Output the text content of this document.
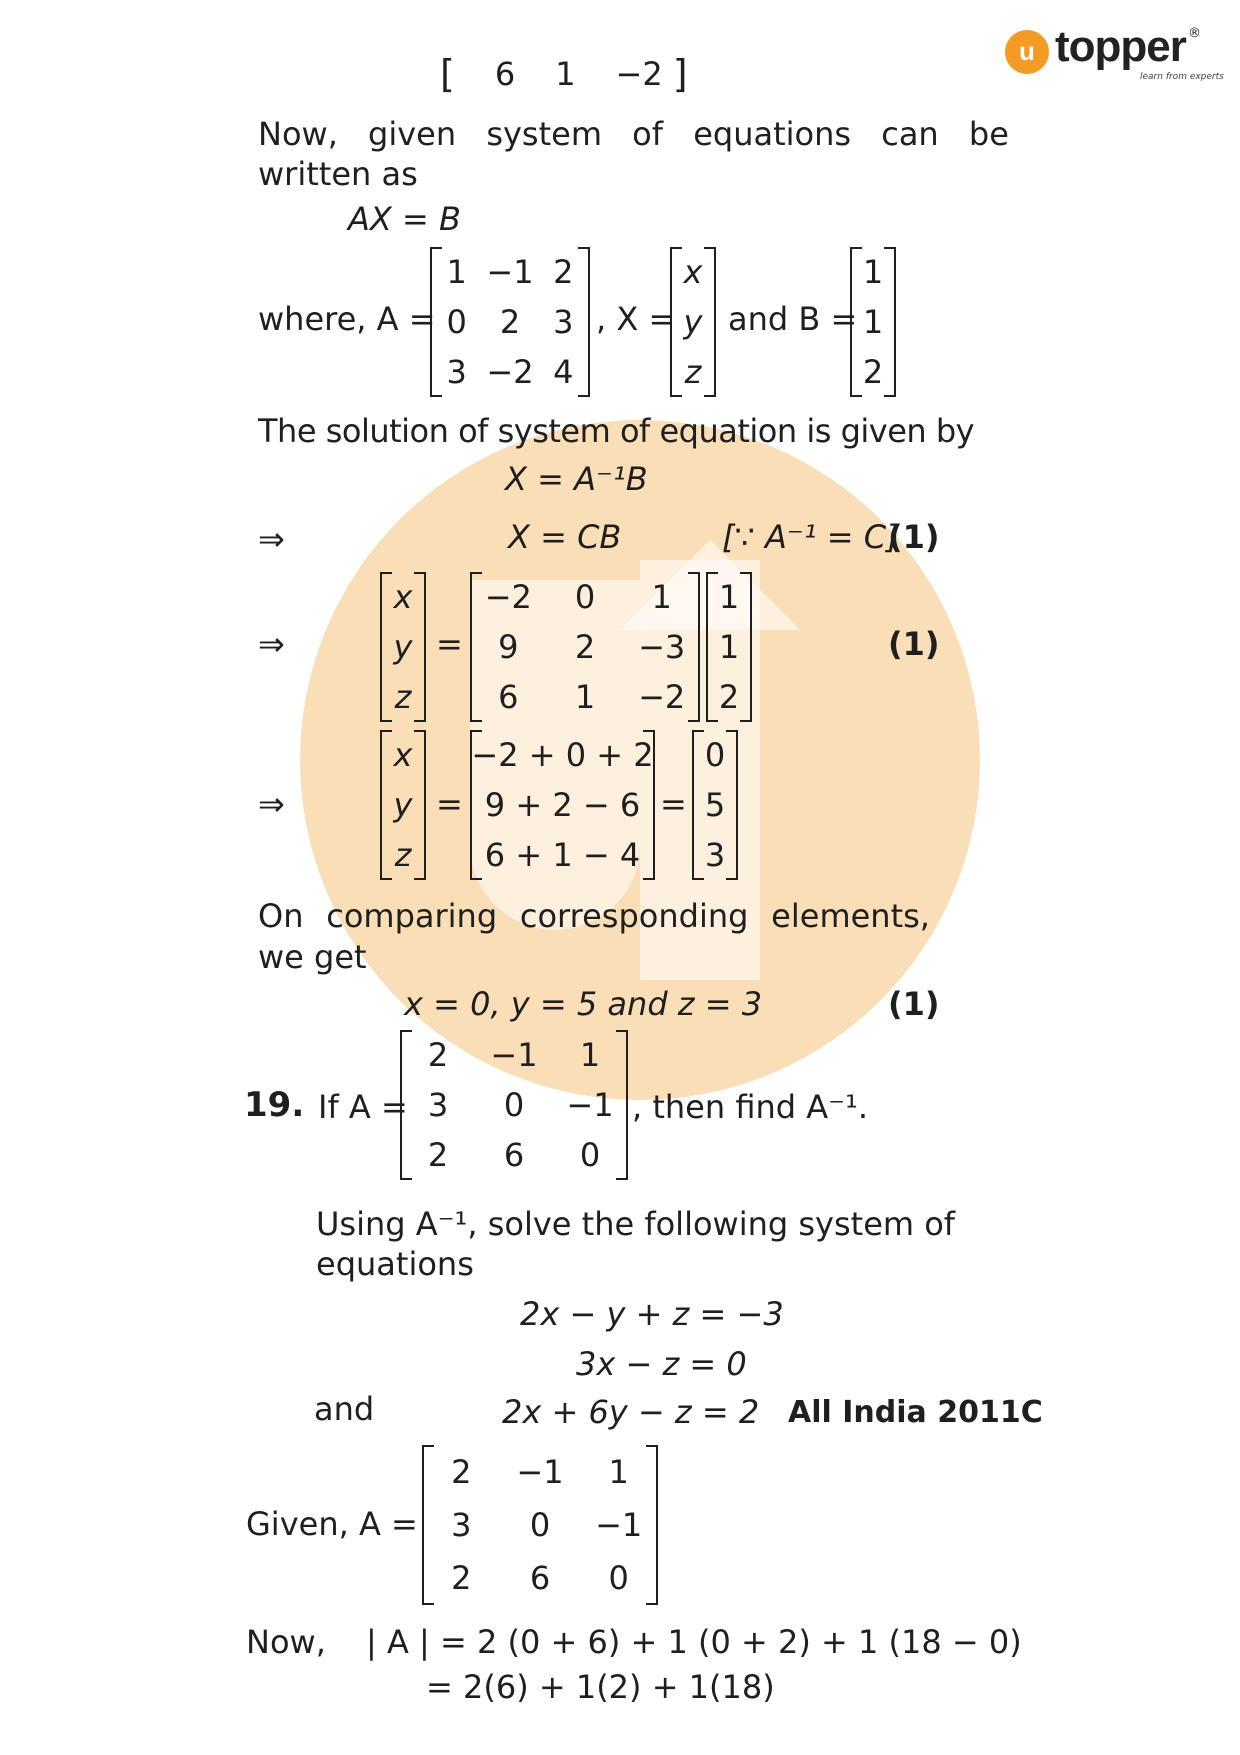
u topper ®
learn from experts
[ 6 1 −2 ]
Now, given system of equations can be
written as
AX = B
where, A =
1 −1 2
0	2	3
3 −2 4
, X =
x
y
z
and B =
1
1
2
The solution of system of equation is given by
X = A⁻¹B
⇒	X = CB	[∵ A⁻¹ = C]
(1)
⇒
x
y
z
=
−2	0	1
9	2	−3
6	1	−2
1
1
2
(1)
⇒
x
y
z
=
−2 + 0 + 2
9 + 2 − 6
6 + 1 − 4
=
0
5
3
On comparing corresponding elements,
we get
x = 0, y = 5 and z = 3	(1)
19. If A =
2	−1	1
3	0	−1
2	6	0
, then find A⁻¹.
Using A⁻¹, solve the following system of
equations
2x − y + z = −3
3x − z = 0
and	2x + 6y − z = 2 All India 2011C
Given, A =
2	−1	1
3	0	−1
2	6	0
Now, | A | = 2 (0 + 6) + 1 (0 + 2) + 1 (18 − 0)
= 2(6) + 1(2) + 1(18)
